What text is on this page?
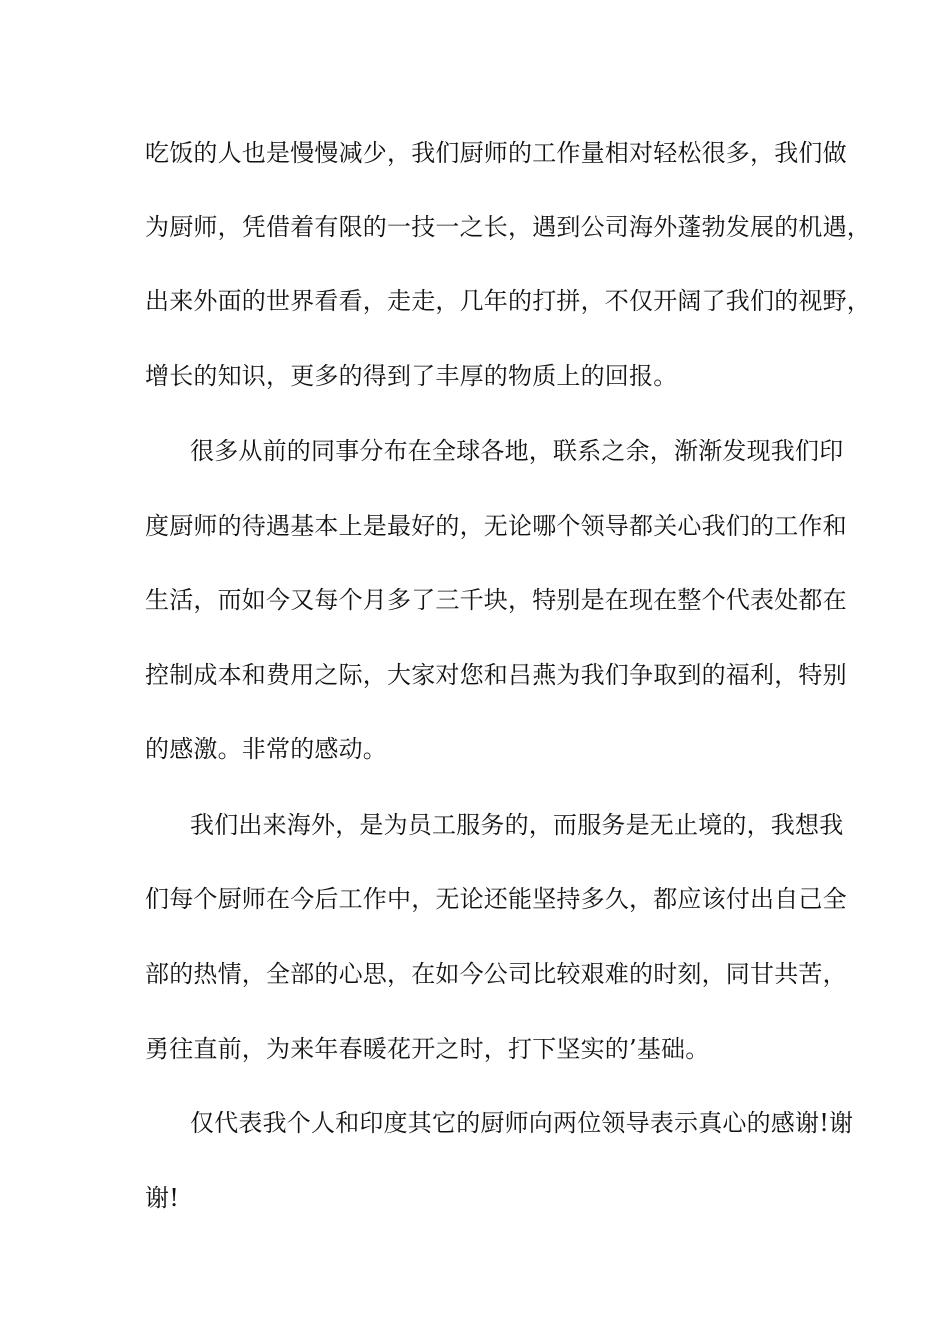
吃饭的人也是慢慢减少，我们厨师的工作量相对轻松很多，我们做
为厨师，凭借着有限的一技一之长，遇到公司海外蓬勃发展的机遇，
出来外面的世界看看，走走，几年的打拼，不仅开阔了我们的视野，
增长的知识，更多的得到了丰厚的物质上的回报。
很多从前的同事分布在全球各地，联系之余，渐渐发现我们印
度厨师的待遇基本上是最好的，无论哪个领导都关心我们的工作和
生活，而如今又每个月多了三千块，特别是在现在整个代表处都在
控制成本和费用之际，大家对您和吕燕为我们争取到的福利，特别
的感激。非常的感动。
我们出来海外，是为员工服务的，而服务是无止境的，我想我
们每个厨师在今后工作中，无论还能坚持多久，都应该付出自己全
部的热情，全部的心思，在如今公司比较艰难的时刻，同甘共苦，
勇往直前，为来年春暖花开之时，打下坚实的’基础。
仅代表我个人和印度其它的厨师向两位领导表示真心的感谢!谢
谢!
